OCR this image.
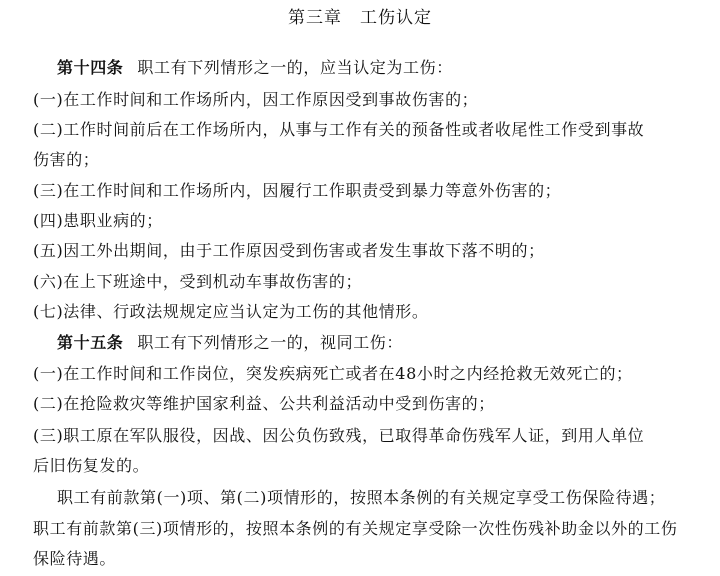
第三章 工伤认定
第十四条 职工有下列情形之一的，应当认定为工伤：
(一)在工作时间和工作场所内，因工作原因受到事故伤害的；
(二)工作时间前后在工作场所内，从事与工作有关的预备性或者收尾性工作受到事故
伤害的；
(三)在工作时间和工作场所内，因履行工作职责受到暴力等意外伤害的；
(四)患职业病的；
(五)因工外出期间，由于工作原因受到伤害或者发生事故下落不明的；
(六)在上下班途中，受到机动车事故伤害的；
(七)法律、行政法规规定应当认定为工伤的其他情形。
第十五条 职工有下列情形之一的，视同工伤：
(一)在工作时间和工作岗位，突发疾病死亡或者在48小时之内经抢救无效死亡的；
(二)在抢险救灾等维护国家利益、公共利益活动中受到伤害的；
(三)职工原在军队服役，因战、因公负伤致残，已取得革命伤残军人证，到用人单位
后旧伤复发的。
职工有前款第(一)项、第(二)项情形的，按照本条例的有关规定享受工伤保险待遇；
职工有前款第(三)项情形的，按照本条例的有关规定享受除一次性伤残补助金以外的工伤
保险待遇。
